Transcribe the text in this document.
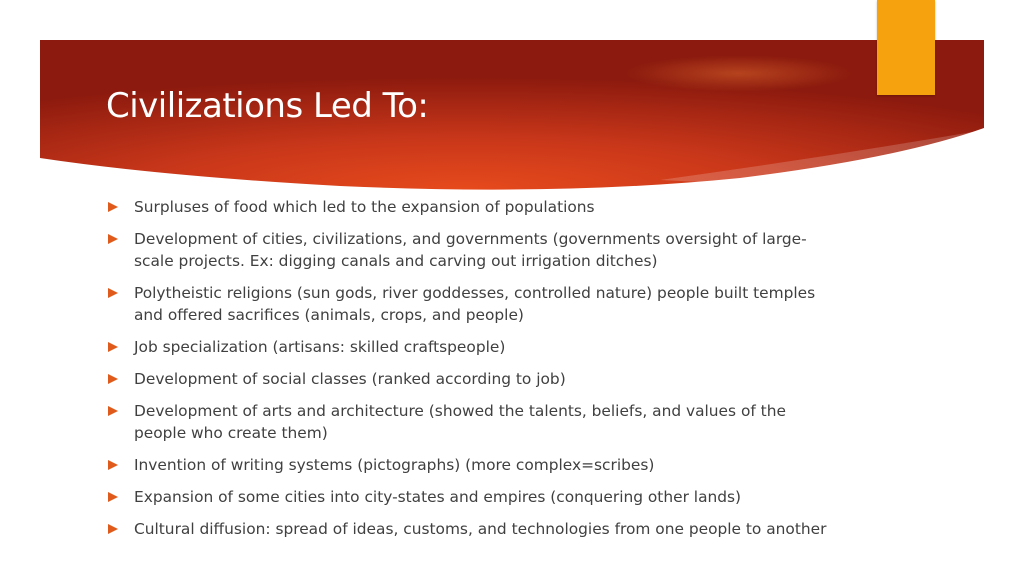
Civilizations Led To:
Surpluses of food which led to the expansion of populations
Development of cities, civilizations, and governments (governments oversight of large-scale projects. Ex: digging canals and carving out irrigation ditches)
Polytheistic religions (sun gods, river goddesses, controlled nature) people built temples and offered sacrifices (animals, crops, and people)
Job specialization (artisans: skilled craftspeople)
Development of social classes (ranked according to job)
Development of arts and architecture (showed the talents, beliefs, and values of the people who create them)
Invention of writing systems (pictographs) (more complex=scribes)
Expansion of some cities into city-states and empires (conquering other lands)
Cultural diffusion: spread of ideas, customs, and technologies from one people to another
